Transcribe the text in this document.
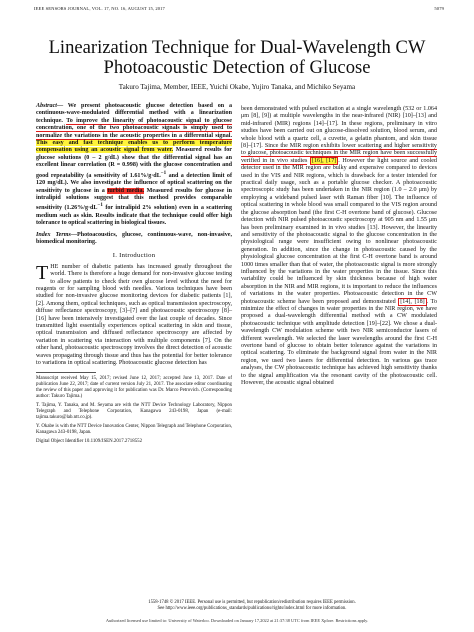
IEEE SENSORS JOURNAL, VOL. 17, NO. 16, AUGUST 15, 2017	5079
Linearization Technique for Dual-Wavelength CW Photoacoustic Detection of Glucose
Takuro Tajima, Member, IEEE, Yuichi Okabe, Yujiro Tanaka, and Michiko Seyama

Abstract— We present photoacoustic glucose detection based on a continuous-wave-modulated differential method with a linearization technique. To improve the linearity of photoacoustic signal to glucose concentration, one of the two photoacoustic signals is simply used to normalize the variations in the acoustic properties in a differential signal. This easy and fast technique enables us to perform temperature compensation using an acoustic signal from water. Measured results for glucose solutions (0 – 2 g/dL) show that the differential signal has an excellent linear correlation (R = 0.998) with the glucose concentration and good repeatability (a sensitivity of $1.61\%/g\cdot dL^{-1}$ and a detection limit of 120 mg/dL). We also investigate the influence of optical scattering on the sensitivity to glucose in a turbid media. Measured results for glucose in intralipid solutions suggest that this method provides comparable sensitivity ($1.26\%/g\cdot dL^{-1}$ for intralipid 2% solution) even in a scattering medium such as skin. Results indicate that the technique could offer high tolerance to optical scattering in biological tissues.

Index Terms—Photoacoustics, glucose, continuous-wave, non-invasive, biomedical monitoring.

I. Introduction

THE number of diabetic patients has increased greatly throughout the world. There is therefore a huge demand for non-invasive glucose testing to allow patients to check their own glucose level without the need for reagents or for sampling blood with needles. Various techniques have been studied for non-invasive glucose monitoring devices for diabetic patients [1], [2]. Among them, optical techniques, such as optical transmission spectroscopy, diffuse reflectance spectroscopy, [3]–[7] and photoacoustic spectroscopy [8]–[16] have been intensively investigated over the last couple of decades. Since transmitted light essentially experiences optical scattering in skin and tissue, optical transmission and diffused reflectance spectroscopy are affected by variation in scattering via interaction with multiple components [7]. On the other hand, photoacoustic spectroscopy involves the direct detection of acoustic waves propagating through tissue and thus has the potential for better tolerance to variations in optical scattering. Photoacoustic glucose detection has

Manuscript received May 15, 2017; revised June 12, 2017; accepted June 13, 2017. Date of publication June 22, 2017; date of current version July 21, 2017. The associate editor coordinating the review of this paper and approving it for publication was Dr. Marco Petrovich. (Corresponding author: Takuro Tajima.)

T. Tajima, Y. Tanaka, and M. Seyama are with the NTT Device Technology Laboratory, Nippon Telegraph and Telephone Corporation, Kanagawa 243-0198, Japan (e-mail: tajima.takuro@lab.ntt.co.jp).

Y. Okabe is with the NTT Device Innovation Center, Nippon Telegraph and Telephone Corporation, Kanagawa 243-0198, Japan.

Digital Object Identifier 10.1109/JSEN.2017.2718552

been demonstrated with pulsed excitation at a single wavelength (532 or 1.064 μm [8], [9]) at multiple wavelengths in the near-infrared (NIR) [10]–[13] and mid-infrared (MIR) regions [14]–[17]. In these regions, preliminary in vitro studies have been carried out on glucose-dissolved solution, blood serum, and whole blood with a quartz cell, a cuvette, a gelatin phantom, and skin tissue [8]–[17]. Since the MIR region exhibits lower scattering and higher sensitivity to glucose, photoacoustic techniques in the MIR region have been successfully verified in in vivo studies [16], [17] . However the light source and cooled detector used in the MIR region are bulky and expensive compared to devices used in the VIS and NIR regions, which is drawback for a tester intended for practical daily usage, such as a portable glucose checker. A photoacoustic spectroscopic study has been undertaken in the NIR region (1.0 – 2.0 μm) by employing a wideband pulsed laser with Raman fiber [10]. The influence of optical scattering in whole blood was small compared to the VIS region around the glucose absorption band (the first C-H overtone band of glucose). Glucose detection with NIR pulsed photoacoustic spectroscopy at 905 nm and 1.55 μm has been preliminary examined in in vivo studies [13]. However, the linearity and sensitivity of the photoacoustic signal to the glucose concentration in the physiological range were insufficient owing to nonlinear photoacoustic generation. In addition, since the change in photoacoustic caused by the physiological glucose concentration at the first C-H overtone band is around 1000 times smaller than that of water, the photoacoustic signal is more strongly influenced by the variations in the water properties in the tissue. Since this variability could be influenced by skin thickness because of high water absorption in the NIR and MIR regions, it is important to reduce the influences of variations in the water properties. Photoacoustic detection in the CW photoacoustic scheme have been proposed and demonstrated [14], [18] . To minimize the effect of changes in water properties in the NIR region, we have proposed a dual-wavelength differential method with a CW modulated photoacoustic technique with amplitude detection [19]–[22]. We chose a dual-wavelength CW modulation scheme with two NIR semiconductor lasers of different wavelength. We selected the laser wavelengths around the first C-H overtone band of glucose to obtain better tolerance against the variations in optical scattering. To eliminate the background signal from water in the NIR region, we used two lasers for differential detection. In various gas trace analyses, the CW photoacoustic technique has achieved high sensitivity thanks to the signal amplification via the resonant cavity of the photoacoustic cell. However, the acoustic signal obtained

1558-1748 © 2017 IEEE. Personal use is permitted, but republication/redistribution requires IEEE permission.
See http://www.ieee.org/publications_standards/publications/rights/index.html for more information.
Authorized licensed use limited to: University of Waterloo. Downloaded on January 17,2022 at 21:37:38 UTC from IEEE Xplore. Restrictions apply.
